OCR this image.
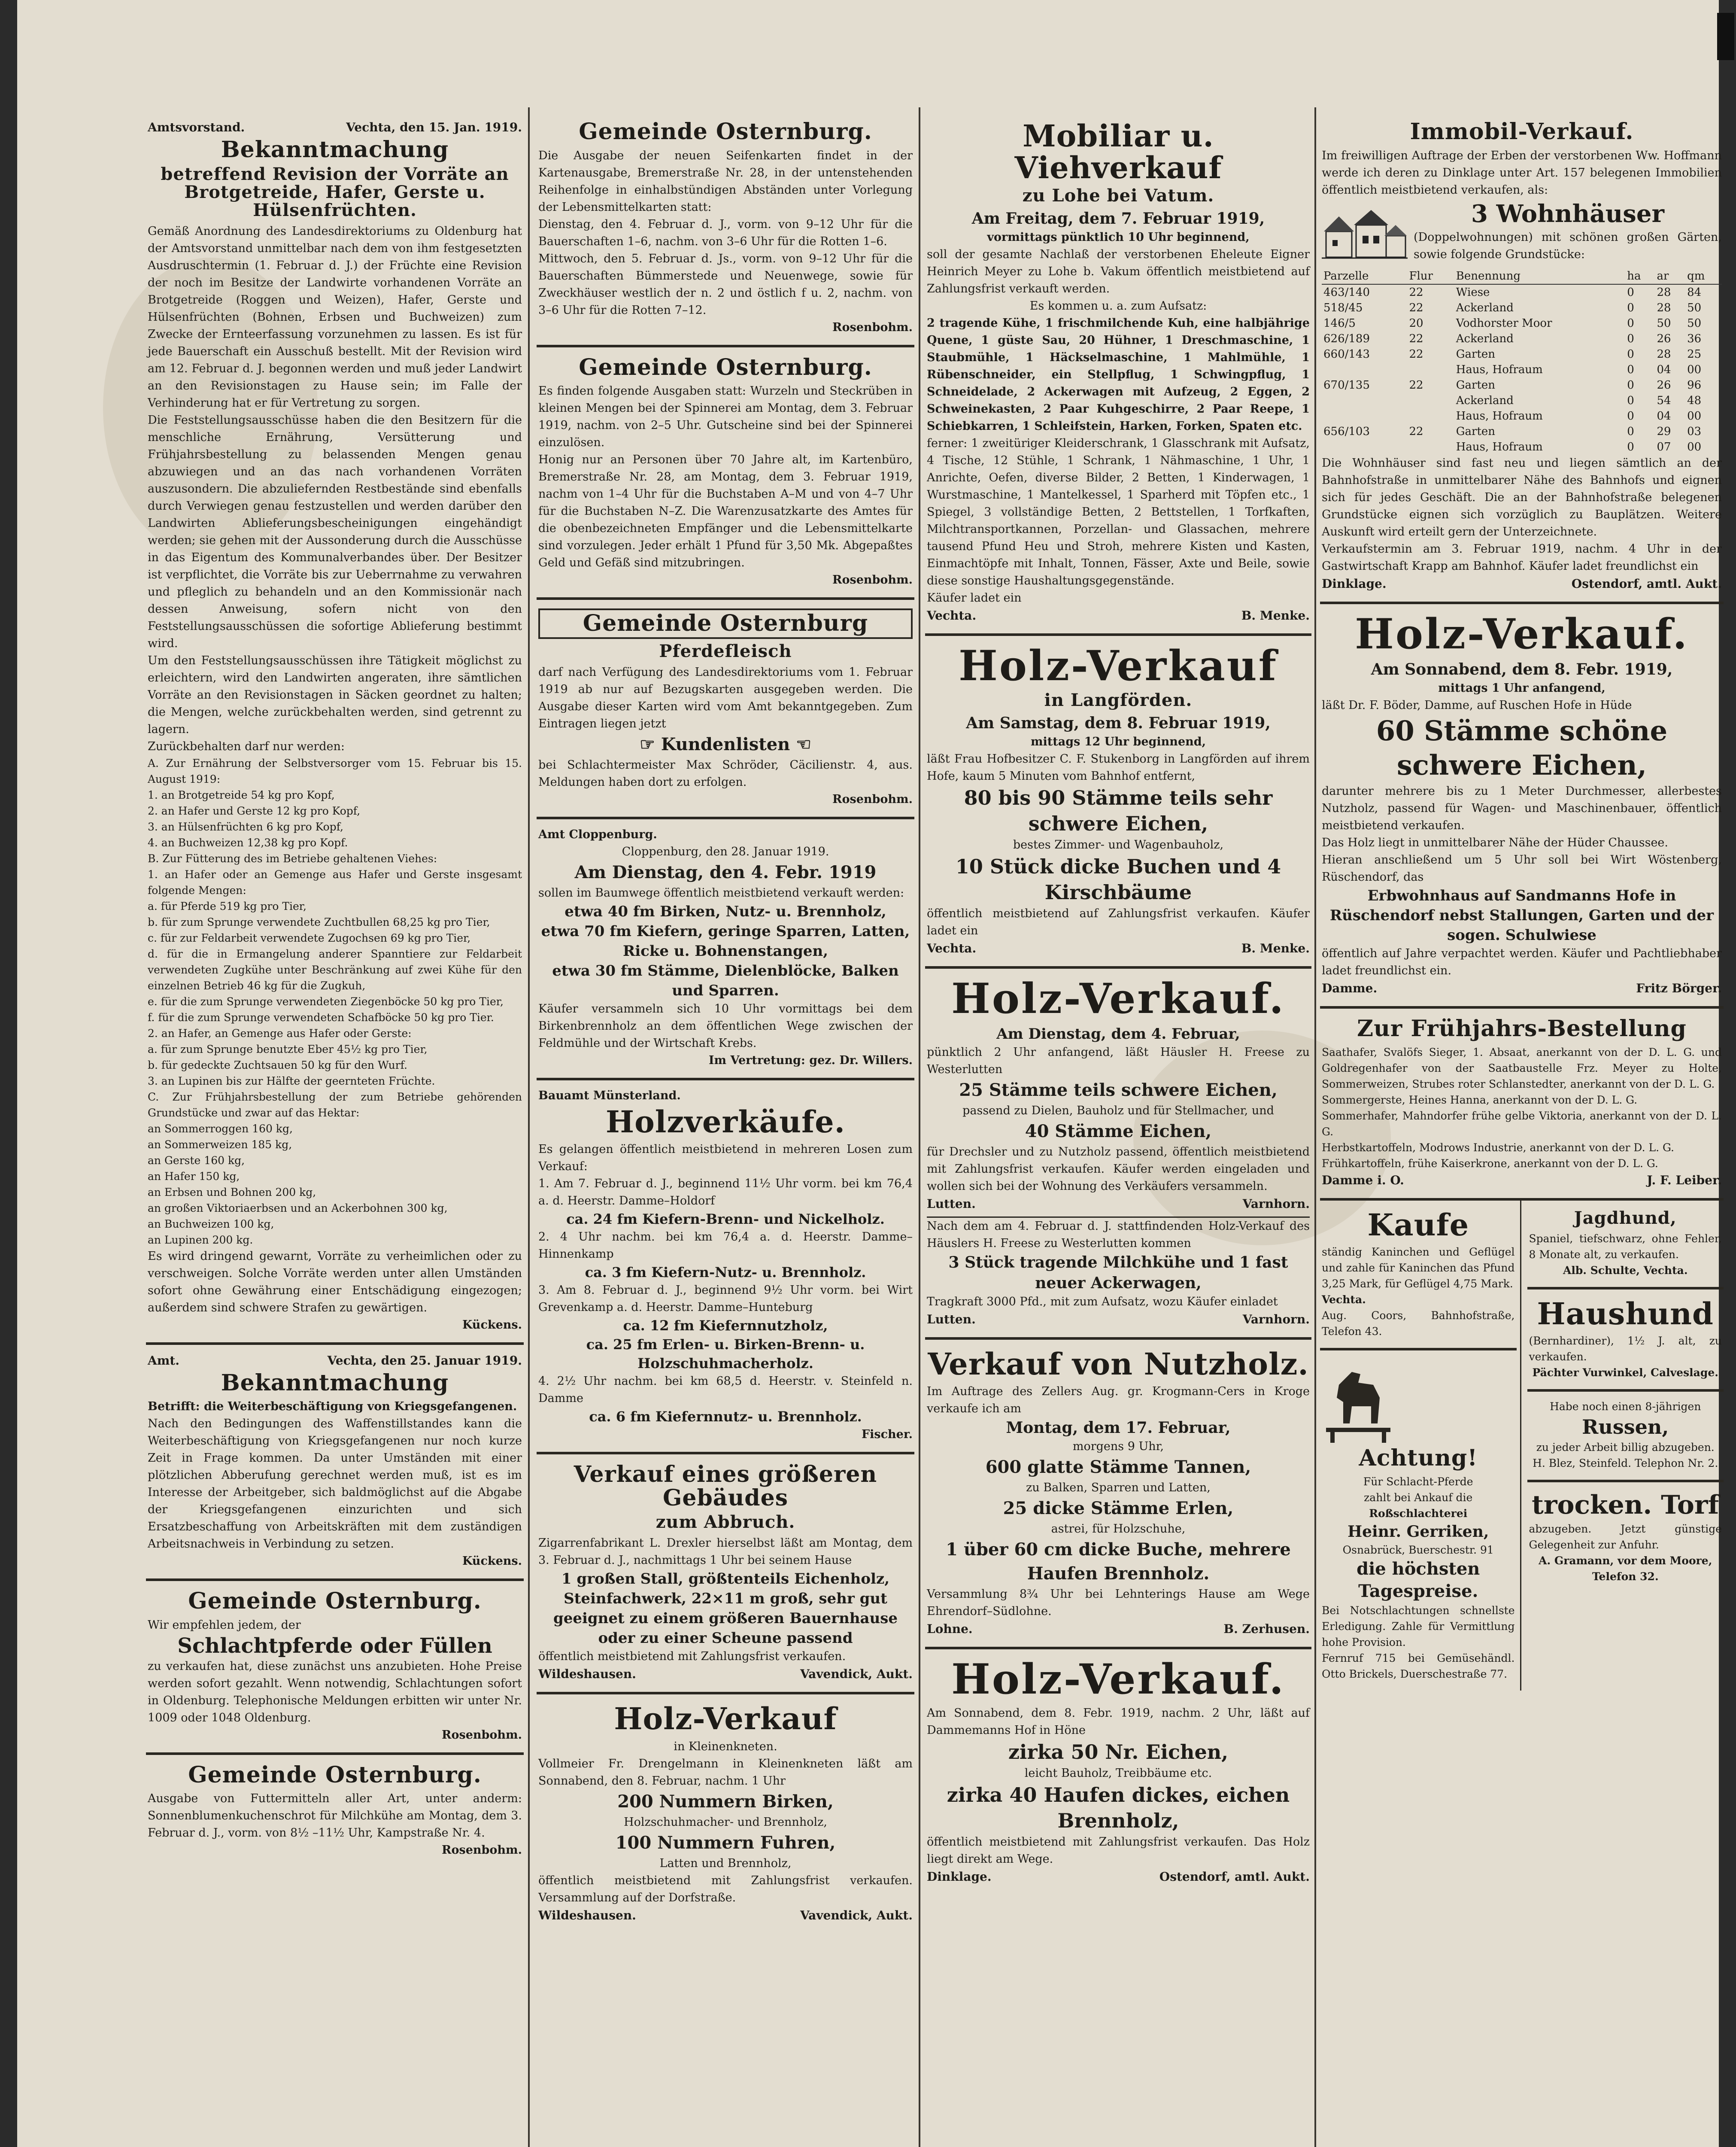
Amtsvorstand.	Vechta, den 15. Jan. 1919.
Bekanntmachung
betreffend Revision der Vorräte an Brotgetreide, Hafer, Gerste u. Hülsenfrüchten.
Gemäß Anordnung des Landesdirektoriums zu Oldenburg hat der Amtsvorstand unmittelbar nach dem von ihm festgesetzten Ausdruschtermin (1. Februar d. J.) der Früchte eine Revision der noch im Besitze der Landwirte vorhandenen Vorräte an Brotgetreide (Roggen und Weizen), Hafer, Gerste und Hülsenfrüchten (Bohnen, Erbsen und Buchweizen) zum Zwecke der Ernteerfassung vorzunehmen zu lassen. Es ist für jede Bauerschaft ein Ausschuß bestellt. Mit der Revision wird am 12. Februar d. J. begonnen werden und muß jeder Landwirt an den Revisionstagen zu Hause sein; im Falle der Verhinderung hat er für Vertretung zu sorgen.
Die Feststellungsausschüsse haben die den Besitzern für die menschliche Ernährung, Versütterung und Frühjahrsbestellung zu belassenden Mengen genau abzuwiegen und an das nach vorhandenen Vorräten auszusondern. Die abzuliefernden Restbestände sind ebenfalls durch Verwiegen genau festzustellen und werden darüber den Landwirten Ablieferungsbescheinigungen eingehändigt werden; sie gehen mit der Aussonderung durch die Ausschüsse in das Eigentum des Kommunalverbandes über. Der Besitzer ist verpflichtet, die Vorräte bis zur Ueberrnahme zu verwahren und pfleglich zu behandeln und an den Kommissionär nach dessen Anweisung, sofern nicht von den Feststellungsausschüssen die sofortige Ablieferung bestimmt wird.
Um den Feststellungsausschüssen ihre Tätigkeit möglichst zu erleichtern, wird den Landwirten angeraten, ihre sämtlichen Vorräte an den Revisionstagen in Säcken geordnet zu halten; die Mengen, welche zurückbehalten werden, sind getrennt zu lagern.
Zurückbehalten darf nur werden:
A. Zur Ernährung der Selbstversorger vom 15. Februar bis 15. August 1919:
1. an Brotgetreide 54 kg pro Kopf,
2. an Hafer und Gerste 12 kg pro Kopf,
3. an Hülsenfrüchten 6 kg pro Kopf,
4. an Buchweizen 12,38 kg pro Kopf.
B. Zur Fütterung des im Betriebe gehaltenen Viehes:
1. an Hafer oder an Gemenge aus Hafer und Gerste insgesamt folgende Mengen:
a. für Pferde 519 kg pro Tier,
b. für zum Sprunge verwendete Zuchtbullen 68,25 kg pro Tier,
c. für zur Feldarbeit verwendete Zugochsen 69 kg pro Tier,
d. für die in Ermangelung anderer Spanntiere zur Feldarbeit verwendeten Zugkühe unter Beschränkung auf zwei Kühe für den einzelnen Betrieb 46 kg für die Zugkuh,
e. für die zum Sprunge verwendeten Ziegenböcke 50 kg pro Tier,
f. für die zum Sprunge verwendeten Schafböcke 50 kg pro Tier.
2. an Hafer, an Gemenge aus Hafer oder Gerste:
a. für zum Sprunge benutzte Eber 45½ kg pro Tier,
b. für gedeckte Zuchtsauen 50 kg für den Wurf.
3. an Lupinen bis zur Hälfte der geernteten Früchte.
C. Zur Frühjahrsbestellung der zum Betriebe gehörenden Grundstücke und zwar auf das Hektar:
an Sommerroggen 160 kg,
an Sommerweizen 185 kg,
an Gerste 160 kg,
an Hafer 150 kg,
an Erbsen und Bohnen 200 kg,
an großen Viktoriaerbsen und an Ackerbohnen 300 kg,
an Buchweizen 100 kg,
an Lupinen 200 kg.
Es wird dringend gewarnt, Vorräte zu verheimlichen oder zu verschweigen. Solche Vorräte werden unter allen Umständen sofort ohne Gewährung einer Entschädigung eingezogen; außerdem sind schwere Strafen zu gewärtigen.
Kückens.
Amt.	Vechta, den 25. Januar 1919.
Bekanntmachung
Betrifft: die Weiterbeschäftigung von Kriegsgefangenen.
Nach den Bedingungen des Waffenstillstandes kann die Weiterbeschäftigung von Kriegsgefangenen nur noch kurze Zeit in Frage kommen. Da unter Umständen mit einer plötzlichen Abberufung gerechnet werden muß, ist es im Interesse der Arbeitgeber, sich baldmöglichst auf die Abgabe der Kriegsgefangenen einzurichten und sich Ersatzbeschaffung von Arbeitskräften mit dem zuständigen Arbeitsnachweis in Verbindung zu setzen.
Kückens.
Gemeinde Osternburg.
Wir empfehlen jedem, der
Schlachtpferde oder Füllen
zu verkaufen hat, diese zunächst uns anzubieten. Hohe Preise werden sofort gezahlt. Wenn notwendig, Schlachtungen sofort in Oldenburg. Telephonische Meldungen erbitten wir unter Nr. 1009 oder 1048 Oldenburg.
Rosenbohm.
Gemeinde Osternburg.
Ausgabe von Futtermitteln aller Art, unter anderm: Sonnenblumenkuchenschrot für Milchkühe am Montag, dem 3. Februar d. J., vorm. von 8½ –11½ Uhr, Kampstraße Nr. 4.
Rosenbohm.
Gemeinde Osternburg.
Die Ausgabe der neuen Seifenkarten findet in der Kartenausgabe, Bremerstraße Nr. 28, in der untenstehenden Reihenfolge in einhalbstündigen Abständen unter Vorlegung der Lebensmittelkarten statt:
Dienstag, den 4. Februar d. J., vorm. von 9–12 Uhr für die Bauerschaften 1–6, nachm. von 3–6 Uhr für die Rotten 1–6.
Mittwoch, den 5. Februar d. Js., vorm. von 9–12 Uhr für die Bauerschaften Bümmerstede und Neuenwege, sowie für Zweckhäuser westlich der n. 2 und östlich f u. 2, nachm. von 3–6 Uhr für die Rotten 7–12.
Rosenbohm.
Gemeinde Osternburg.
Es finden folgende Ausgaben statt: Wurzeln und Steckrüben in kleinen Mengen bei der Spinnerei am Montag, dem 3. Februar 1919, nachm. von 2–5 Uhr. Gutscheine sind bei der Spinnerei einzulösen.
Honig nur an Personen über 70 Jahre alt, im Kartenbüro, Bremerstraße Nr. 28, am Montag, dem 3. Februar 1919, nachm von 1–4 Uhr für die Buchstaben A–M und von 4–7 Uhr für die Buchstaben N–Z. Die Warenzusatzkarte des Amtes für die obenbezeichneten Empfänger und die Lebensmittelkarte sind vorzulegen. Jeder erhält 1 Pfund für 3,50 Mk. Abgepaßtes Geld und Gefäß sind mitzubringen.
Rosenbohm.
Gemeinde Osternburg
Pferdefleisch
darf nach Verfügung des Landesdirektoriums vom 1. Februar 1919 ab nur auf Bezugskarten ausgegeben werden. Die Ausgabe dieser Karten wird vom Amt bekanntgegeben. Zum Eintragen liegen jetzt
☞ Kundenlisten ☜
bei Schlachtermeister Max Schröder, Cäcilienstr. 4, aus. Meldungen haben dort zu erfolgen.
Rosenbohm.
Amt Cloppenburg.
Cloppenburg, den 28. Januar 1919.
Am Dienstag, den 4. Febr. 1919
sollen im Baumwege öffentlich meistbietend verkauft werden:
etwa 40 fm Birken, Nutz- u. Brennholz,
etwa 70 fm Kiefern, geringe Sparren, Latten, Ricke u. Bohnenstangen,
etwa 30 fm Stämme, Dielenblöcke, Balken und Sparren.
Käufer versammeln sich 10 Uhr vormittags bei dem Birkenbrennholz an dem öffentlichen Wege zwischen der Feldmühle und der Wirtschaft Krebs.
Im Vertretung: gez. Dr. Willers.
Bauamt Münsterland.
Holzverkäufe.
Es gelangen öffentlich meistbietend in mehreren Losen zum Verkauf:
1. Am 7. Februar d. J., beginnend 11½ Uhr vorm. bei km 76,4 a. d. Heerstr. Damme–Holdorf
ca. 24 fm Kiefern-Brenn- und Nickelholz.
2. 4 Uhr nachm. bei km 76,4 a. d. Heerstr. Damme–Hinnenkamp
ca. 3 fm Kiefern-Nutz- u. Brennholz.
3. Am 8. Februar d. J., beginnend 9½ Uhr vorm. bei Wirt Grevenkamp a. d. Heerstr. Damme–Hunteburg
ca. 12 fm Kiefernnutzholz,
ca. 25 fm Erlen- u. Birken-Brenn- u. Holzschuhmacherholz.
4. 2½ Uhr nachm. bei km 68,5 d. Heerstr. v. Steinfeld n. Damme
ca. 6 fm Kiefernnutz- u. Brennholz.
Fischer.
Verkauf eines größeren Gebäudes
zum Abbruch.
Zigarrenfabrikant L. Drexler hierselbst läßt am Montag, dem 3. Februar d. J., nachmittags 1 Uhr bei seinem Hause
1 großen Stall, größtenteils Eichenholz, Steinfachwerk, 22×11 m groß, sehr gut geeignet zu einem größeren Bauernhause oder zu einer Scheune passend
öffentlich meistbietend mit Zahlungsfrist verkaufen.
Wildeshausen.	Vavendick, Aukt.
Holz-Verkauf
in Kleinenkneten.
Vollmeier Fr. Drengelmann in Kleinenkneten läßt am Sonnabend, den 8. Februar, nachm. 1 Uhr
200 Nummern Birken,
Holzschuhmacher- und Brennholz,
100 Nummern Fuhren,
Latten und Brennholz,
öffentlich meistbietend mit Zahlungsfrist verkaufen. Versammlung auf der Dorfstraße.
Wildeshausen.	Vavendick, Aukt.
Mobiliar u. Viehverkauf
zu Lohe bei Vatum.
Am Freitag, dem 7. Februar 1919,
vormittags pünktlich 10 Uhr beginnend,
soll der gesamte Nachlaß der verstorbenen Eheleute Eigner Heinrich Meyer zu Lohe b. Vakum öffentlich meistbietend auf Zahlungsfrist verkauft werden.
Es kommen u. a. zum Aufsatz:
2 tragende Kühe, 1 frischmilchende Kuh, eine halbjährige Quene, 1 güste Sau, 20 Hühner, 1 Dreschmaschine, 1 Staubmühle, 1 Häckselmaschine, 1 Mahlmühle, 1 Rübenschneider, ein Stellpflug, 1 Schwingpflug, 1 Schneidelade, 2 Ackerwagen mit Aufzeug, 2 Eggen, 2 Schweinekasten, 2 Paar Kuhgeschirre, 2 Paar Reepe, 1 Schiebkarren, 1 Schleifstein, Harken, Forken, Spaten etc.
ferner: 1 zweitüriger Kleiderschrank, 1 Glasschrank mit Aufsatz, 4 Tische, 12 Stühle, 1 Schrank, 1 Nähmaschine, 1 Uhr, 1 Anrichte, Oefen, diverse Bilder, 2 Betten, 1 Kinderwagen, 1 Wurstmaschine, 1 Mantelkessel, 1 Sparherd mit Töpfen etc., 1 Spiegel, 3 vollständige Betten, 2 Bettstellen, 1 Torfkaften, Milchtransportkannen, Porzellan- und Glassachen, mehrere tausend Pfund Heu und Stroh, mehrere Kisten und Kasten, Einmachtöpfe mit Inhalt, Tonnen, Fässer, Axte und Beile, sowie diese sonstige Haushaltungsgegenstände.
Käufer ladet ein
Vechta.	B. Menke.
Holz-Verkauf
in Langförden.
Am Samstag, dem 8. Februar 1919,
mittags 12 Uhr beginnend,
läßt Frau Hofbesitzer C. F. Stukenborg in Langförden auf ihrem Hofe, kaum 5 Minuten vom Bahnhof entfernt,
80 bis 90 Stämme teils sehr schwere Eichen,
bestes Zimmer- und Wagenbauholz,
10 Stück dicke Buchen und 4 Kirschbäume
öffentlich meistbietend auf Zahlungsfrist verkaufen. Käufer ladet ein
Vechta.	B. Menke.
Holz-Verkauf.
Am Dienstag, dem 4. Februar,
pünktlich 2 Uhr anfangend, läßt Häusler H. Freese zu Westerlutten
25 Stämme teils schwere Eichen,
passend zu Dielen, Bauholz und für Stellmacher, und
40 Stämme Eichen,
für Drechsler und zu Nutzholz passend, öffentlich meistbietend mit Zahlungsfrist verkaufen. Käufer werden eingeladen und wollen sich bei der Wohnung des Verkäufers versammeln.
Lutten.	Varnhorn.
Nach dem am 4. Februar d. J. stattfindenden Holz-Verkauf des Häuslers H. Freese zu Westerlutten kommen
3 Stück tragende Milchkühe und 1 fast neuer Ackerwagen,
Tragkraft 3000 Pfd., mit zum Aufsatz, wozu Käufer einladet
Lutten.	Varnhorn.
Verkauf von Nutzholz.
Im Auftrage des Zellers Aug. gr. Krogmann-Cers in Kroge verkaufe ich am
Montag, dem 17. Februar,
morgens 9 Uhr,
600 glatte Stämme Tannen,
zu Balken, Sparren und Latten,
25 dicke Stämme Erlen,
astrei, für Holzschuhe,
1 über 60 cm dicke Buche, mehrere Haufen Brennholz.
Versammlung 8¾ Uhr bei Lehnterings Hause am Wege Ehrendorf–Südlohne.
Lohne.	B. Zerhusen.
Holz-Verkauf.
Am Sonnabend, dem 8. Febr. 1919, nachm. 2 Uhr, läßt auf Dammemanns Hof in Höne
zirka 50 Nr. Eichen,
leicht Bauholz, Treibbäume etc.
zirka 40 Haufen dickes, eichen Brennholz,
öffentlich meistbietend mit Zahlungsfrist verkaufen. Das Holz liegt direkt am Wege.
Dinklage.	Ostendorf, amtl. Aukt.
Immobil-Verkauf.
Im freiwilligen Auftrage der Erben der verstorbenen Ww. Hoffmann werde ich deren zu Dinklage unter Art. 157 belegenen Immobilien öffentlich meistbietend verkaufen, als:
3 Wohnhäuser
(Doppelwohnungen) mit schönen großen Gärten, sowie folgende Grundstücke:
Parzelle	Flur	Benennung	ha	ar	qm
463/140	22	Wiese	0	28	84
518/45	22	Ackerland	0	28	50
146/5	20	Vodhorster Moor	0	50	50
626/189	22	Ackerland	0	26	36
660/143	22	Garten	0	28	25
		Haus, Hofraum	0	04	00
670/135	22	Garten	0	26	96
		Ackerland	0	54	48
		Haus, Hofraum	0	04	00
656/103	22	Garten	0	29	03
		Haus, Hofraum	0	07	00
Die Wohnhäuser sind fast neu und liegen sämtlich an der Bahnhofstraße in unmittelbarer Nähe des Bahnhofs und eignen sich für jedes Geschäft. Die an der Bahnhofstraße belegenen Grundstücke eignen sich vorzüglich zu Bauplätzen. Weitere Auskunft wird erteilt gern der Unterzeichnete.
Verkaufstermin am 3. Februar 1919, nachm. 4 Uhr in der Gastwirtschaft Krapp am Bahnhof. Käufer ladet freundlichst ein
Dinklage.	Ostendorf, amtl. Aukt.
Holz-Verkauf.
Am Sonnabend, dem 8. Febr. 1919,
mittags 1 Uhr anfangend,
läßt Dr. F. Böder, Damme, auf Ruschen Hofe in Hüde
60 Stämme schöne schwere Eichen,
darunter mehrere bis zu 1 Meter Durchmesser, allerbestes Nutzholz, passend für Wagen- und Maschinenbauer, öffentlich meistbietend verkaufen.
Das Holz liegt in unmittelbarer Nähe der Hüder Chaussee.
Hieran anschließend um 5 Uhr soll bei Wirt Wöstenberg, Rüschendorf, das
Erbwohnhaus auf Sandmanns Hofe in Rüschendorf nebst Stallungen, Garten und der sogen. Schulwiese
öffentlich auf Jahre verpachtet werden. Käufer und Pachtliebhaber ladet freundlichst ein.
Damme.	Fritz Börger.
Zur Frühjahrs-Bestellung
Saathafer, Svalöfs Sieger, 1. Absaat, anerkannt von der D. L. G. und Goldregenhafer von der Saatbaustelle Frz. Meyer zu Holte, Sommerweizen, Strubes roter Schlanstedter, anerkannt von der D. L. G.
Sommergerste, Heines Hanna, anerkannt von der D. L. G.
Sommerhafer, Mahndorfer frühe gelbe Viktoria, anerkannt von der D. L. G.
Herbstkartoffeln, Modrows Industrie, anerkannt von der D. L. G.
Frühkartoffeln, frühe Kaiserkrone, anerkannt von der D. L. G.
Damme i. O.	J. F. Leiber.
Kaufe
ständig Kaninchen und Geflügel und zahle für Kaninchen das Pfund 3,25 Mark, für Geflügel 4,75 Mark.
Vechta.
Aug. Coors, Bahnhofstraße, Telefon 43.
Achtung!
Für Schlacht-Pferde
zahlt bei Ankauf die
Roßschlachterei
Heinr. Gerriken,
Osnabrück, Buerschestr. 91
die höchsten Tagespreise.
Bei Notschlachtungen schnellste Erledigung. Zahle für Vermittlung hohe Provision.
Fernruf 715 bei Gemüsehändl. Otto Brickels, Duerschestraße 77.
Jagdhund,
Spaniel, tiefschwarz, ohne Fehler, 8 Monate alt, zu verkaufen.
Alb. Schulte, Vechta.
Haushund
(Bernhardiner), 1½ J. alt, zu verkaufen.
Pächter Vurwinkel, Calveslage.
Habe noch einen 8-jährigen
Russen,
zu jeder Arbeit billig abzugeben.
H. Blez, Steinfeld. Telephon Nr. 2.
trocken. Torf
abzugeben. Jetzt günstige Gelegenheit zur Anfuhr.
A. Gramann, vor dem Moore, Telefon 32.
